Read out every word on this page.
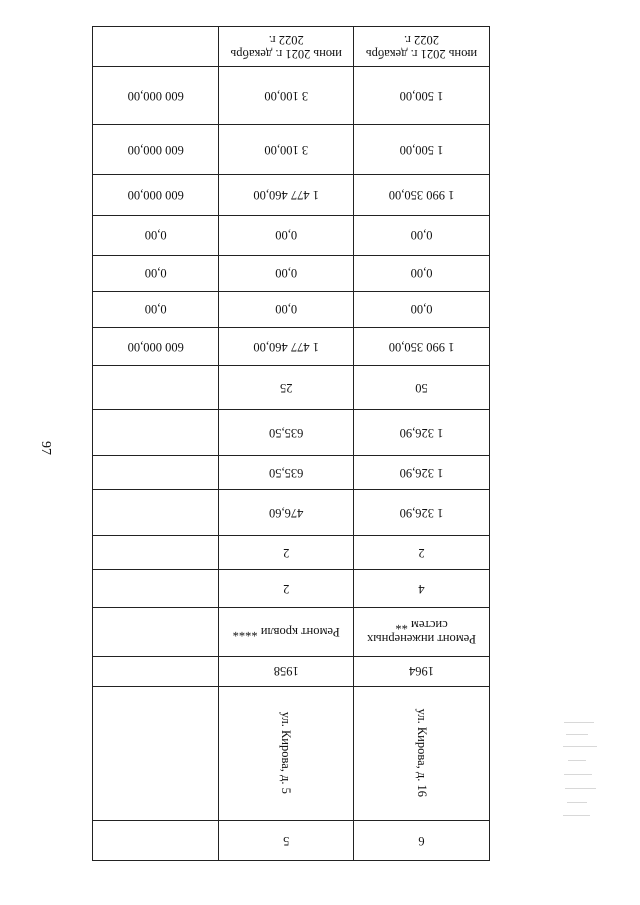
97
6	5	
ул. Кирова, д. 16	ул. Кирова, д. 5	
1964	1958	
Ремонт инженерных систем **	Ремонт кровли ****	
4	2	
2	2	
1 326,90	476,60	
1 326,90	635,50	
1 326,90	635,50	
50	25	
1 990 350,00	1 477 460,00	600 000,00
0,00	0,00	0,00
0,00	0,00	0,00
0,00	0,00	0,00
1 990 350,00	1 477 460,00	600 000,00
1 500,00	3 100,00	600 000,00
1 500,00	3 100,00	600 000,00
июнь 2021 г. декабрь 2022 г.	июнь 2021 г. декабрь 2022 г.	
